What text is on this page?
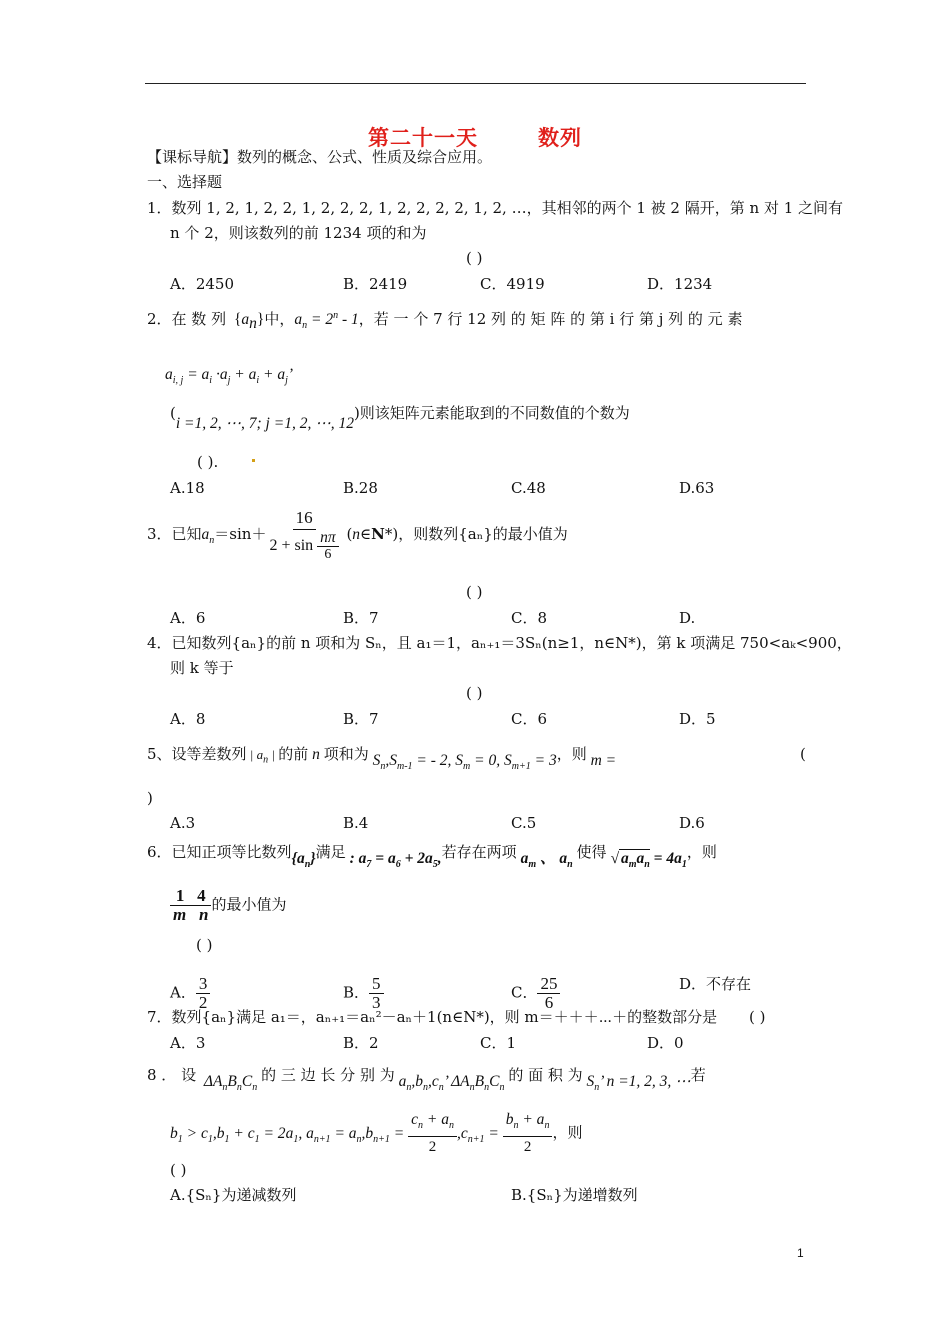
第二十一天	数列
【课标导航】数列的概念、公式、性质及综合应用。
一、选择题
1．数列 1, 2, 1, 2, 2, 1, 2, 2, 2, 1, 2, 2, 2, 2, 1, 2, …，其相邻的两个 1 被 2 隔开，第 n 对 1 之间有
n 个 2，则该数列的前 1234 项的和为
( )
A．2450	B．2419	C．4919	D．1234
2．在 数 列  $\{a_n\}$中，$a_n = 2^n - 1$，若 一 个 7 行 12 列 的 矩 阵 的 第 i 行 第 j 列 的 元 素
$a_{i, j} = a_i \cdot a_j + a_i + a_j$’
(i =1, 2, ⋯, 7; j =1, 2, ⋯, 12)则该矩阵元素能取到的不同数值的个数为
( ).
A.18	B.28	C.48	D.63
3．已知$a_n=\sin+ \frac{16}{2 + \sin \frac{n\pi}{6}}$ (n∈N*)，则数列{aₙ}的最小值为
( )
A．6	B．7	C．8	D.
4．已知数列{aₙ}的前 n 项和为 Sₙ，且 a₁＝1，aₙ₊₁＝3Sₙ(n≥1，n∈N*)，第 k 项满足 750<aₖ<900，
则 k 等于
( )
A．8	B．7	C．6	D．5
5、设等差数列 | $a_n$ | 的前 n 项和为 $S_n,S_{m-1}$ = - 2, $S_m = 0$, $S_{m+1} = 3$，则 m =	(
)
A.3	B.4	C.5	D.6
6．已知正项等比数列$\{a_n\}$满足 : $a_7 = a_6 + 2a_5$,若存在两项 $a_m$ 、 $a_n$ 使得 √ $a_ma_n = 4a_1$，则
$\frac{1 4}{\text{m   n}}$ 的最小值为
( )
A． $\frac{3}{2}$	B． $\frac{5}{3}$	C． $\frac{25}{6}$	D．不存在
7．数列{aₙ}满足 a₁＝，aₙ₊₁＝aₙ²－aₙ＋1(n∈N*)，则 m＝＋＋＋⋯＋的整数部分是 ( )
A．3	B．2	C．1	D．0
8 ． 设  $\Delta A_nB_nC_n$ 的 三 边 长 分 别 为 $a_n,b_n,c_n$’ $\Delta A_nB_nC_n$ 的 面 积 为 $S_n$’ n =1, 2, 3, ⋯若
$b_1 > c_1,b_1 + c_1 = 2a_1$, $a_{n+1} = a_n,b_{n+1} = \frac{c_n + a_n}{2} ,c_{n+1} = \frac{b_n + a_n}{2}$ ，则
( )
A.{Sₙ}为递减数列	B.{Sₙ}为递增数列
1
